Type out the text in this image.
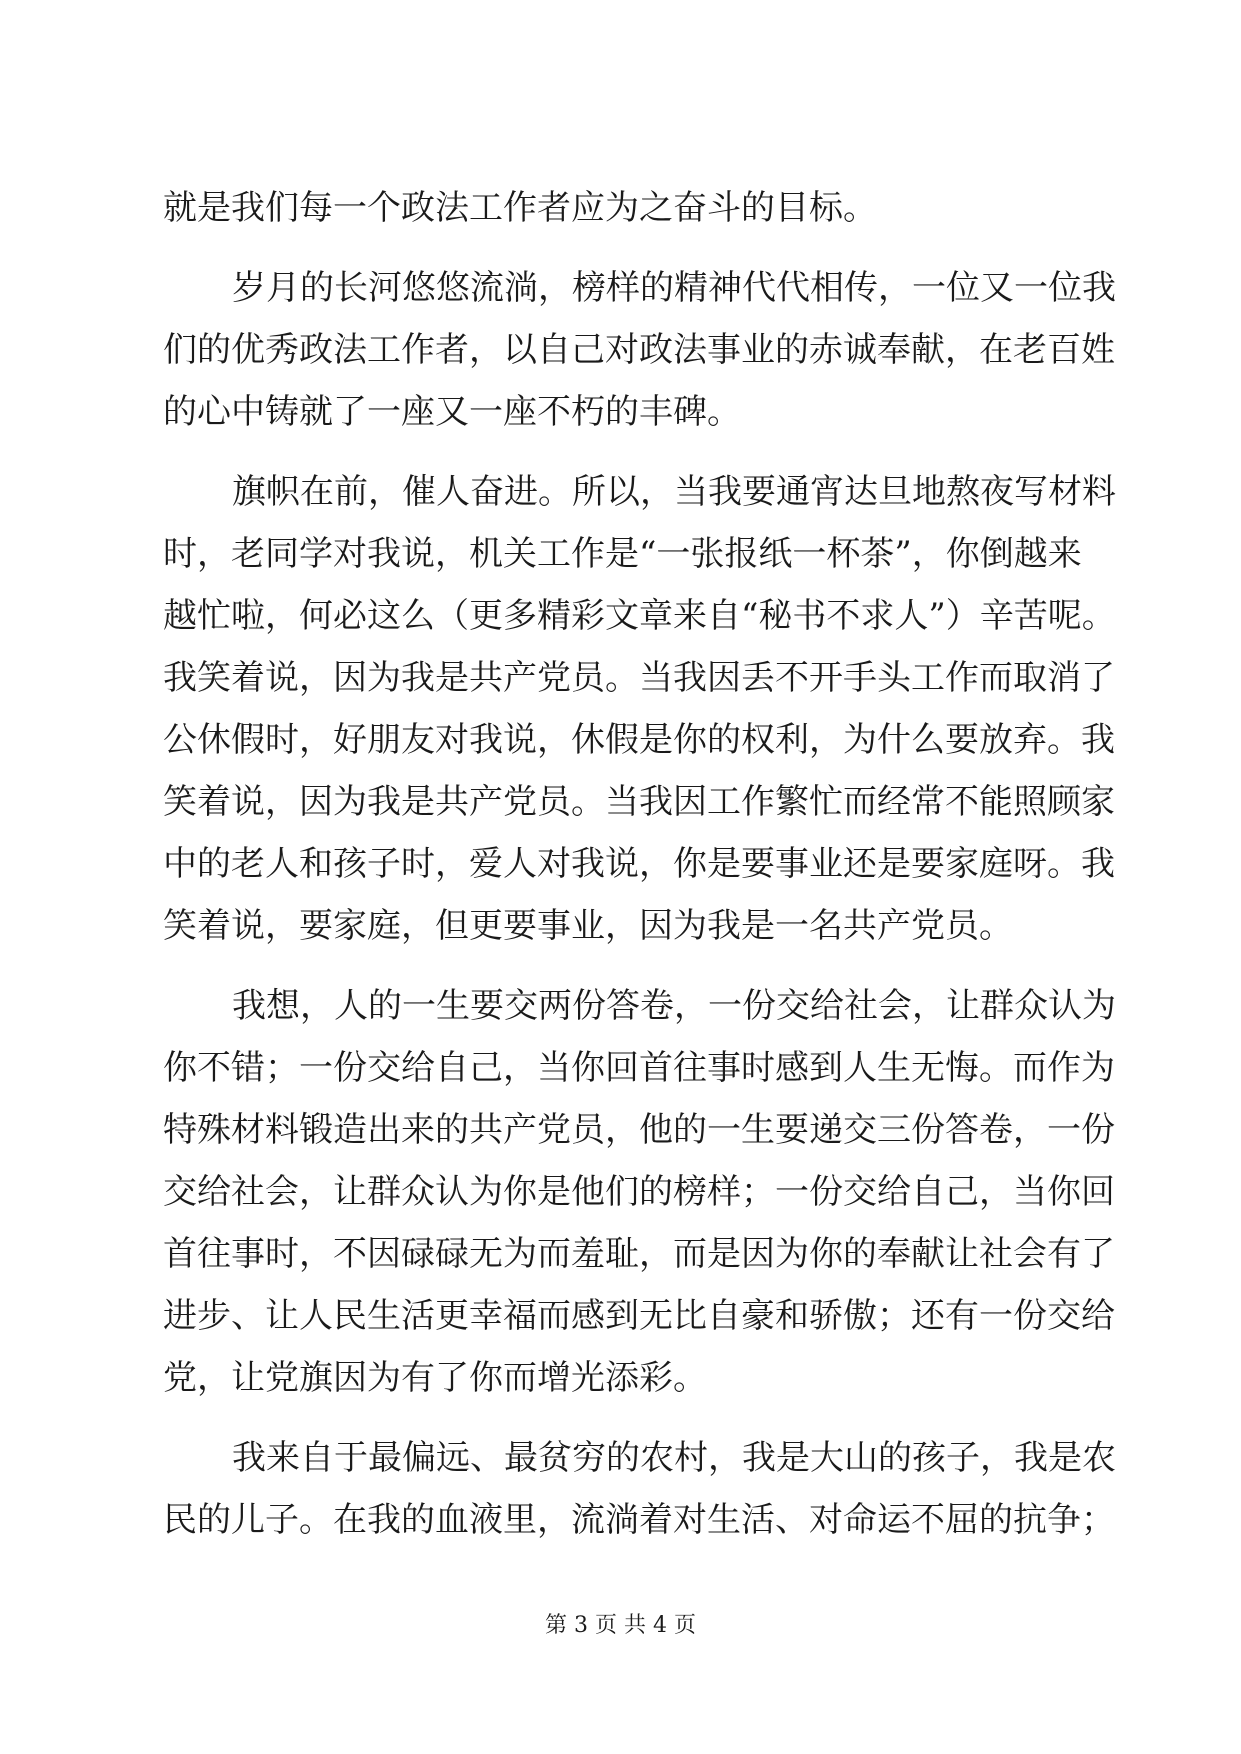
就是我们每一个政法工作者应为之奋斗的目标。
岁月的长河悠悠流淌，榜样的精神代代相传，一位又一位我
们的优秀政法工作者，以自己对政法事业的赤诚奉献，在老百姓
的心中铸就了一座又一座不朽的丰碑。
旗帜在前，催人奋进。所以，当我要通宵达旦地熬夜写材料
时，老同学对我说，机关工作是“一张报纸一杯茶”，你倒越来
越忙啦，何必这么（更多精彩文章来自“秘书不求人”）辛苦呢。
我笑着说，因为我是共产党员。当我因丢不开手头工作而取消了
公休假时，好朋友对我说，休假是你的权利，为什么要放弃。我
笑着说，因为我是共产党员。当我因工作繁忙而经常不能照顾家
中的老人和孩子时，爱人对我说，你是要事业还是要家庭呀。我
笑着说，要家庭，但更要事业，因为我是一名共产党员。
我想，人的一生要交两份答卷，一份交给社会，让群众认为
你不错；一份交给自己，当你回首往事时感到人生无悔。而作为
特殊材料锻造出来的共产党员，他的一生要递交三份答卷，一份
交给社会，让群众认为你是他们的榜样；一份交给自己，当你回
首往事时，不因碌碌无为而羞耻，而是因为你的奉献让社会有了
进步、让人民生活更幸福而感到无比自豪和骄傲；还有一份交给
党，让党旗因为有了你而增光添彩。
我来自于最偏远、最贫穷的农村，我是大山的孩子，我是农
民的儿子。在我的血液里，流淌着对生活、对命运不屈的抗争；
第 3 页 共 4 页
